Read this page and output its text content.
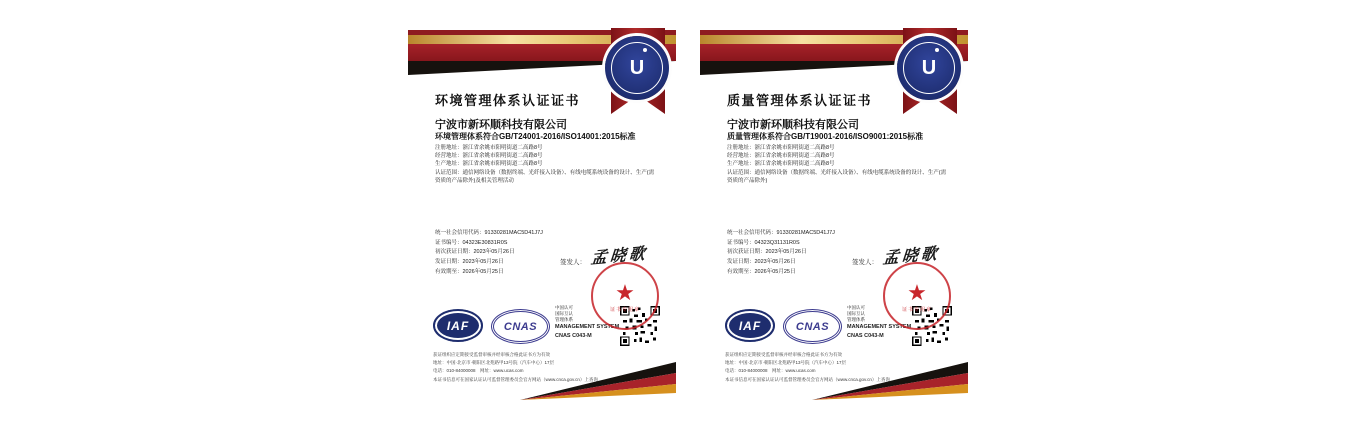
U
环境管理体系认证证书
宁波市新环顺科技有限公司
环境管理体系符合GB/T24001-2016/ISO14001:2015标准
注册地址：浙江省余姚市阳明街道二高路8号
经营地址：浙江省余姚市阳明街道二高路8号
生产地址：浙江省余姚市阳明街道二高路8号
认证范围：通信网络设备（数据终端、光纤接入设备）、有线电缆系统设备的设计、生产(需资质的产品除外)及相关管理活动
统一社会信用代码：91330281MAC5D41J7J
证书编号：04323E30831R0S
初次获证日期：2023年05月26日
发证日期：2023年05月26日
有效期至：2026年05月25日
签发人： 孟晓歌
★
证书专用章
IAF	CNAS
中国认可
国际互认
管理体系
MANAGEMENT SYSTEM
CNAS C043-M
获证组织应定期接受监督审核并经审核合格此证书方为有效
地址：中国·北京市·朝阳区北苑路甲13号院（汽车中心）17层
电话：010-84000008　网址：www.ucas.com
本证书信息可在国家认证认可监督管理委员会官方网站（www.cnca.gov.cn）上查询
U
质量管理体系认证证书
宁波市新环顺科技有限公司
质量管理体系符合GB/T19001-2016/ISO9001:2015标准
注册地址：浙江省余姚市阳明街道二高路8号
经营地址：浙江省余姚市阳明街道二高路8号
生产地址：浙江省余姚市阳明街道二高路8号
认证范围：通信网络设备（数据终端、光纤接入设备）、有线电缆系统设备的设计、生产(需资质的产品除外)
统一社会信用代码：91330281MAC5D41J7J
证书编号：04323Q31131R0S
初次获证日期：2023年05月26日
发证日期：2023年05月26日
有效期至：2026年05月25日
签发人： 孟晓歌
★
证书专用章
IAF	CNAS
中国认可
国际互认
管理体系
MANAGEMENT SYSTEM
CNAS C043-M
获证组织应定期接受监督审核并经审核合格此证书方为有效
地址：中国·北京市·朝阳区北苑路甲13号院（汽车中心）17层
电话：010-84000008　网址：www.ucas.com
本证书信息可在国家认证认可监督管理委员会官方网站（www.cnca.gov.cn）上查询
